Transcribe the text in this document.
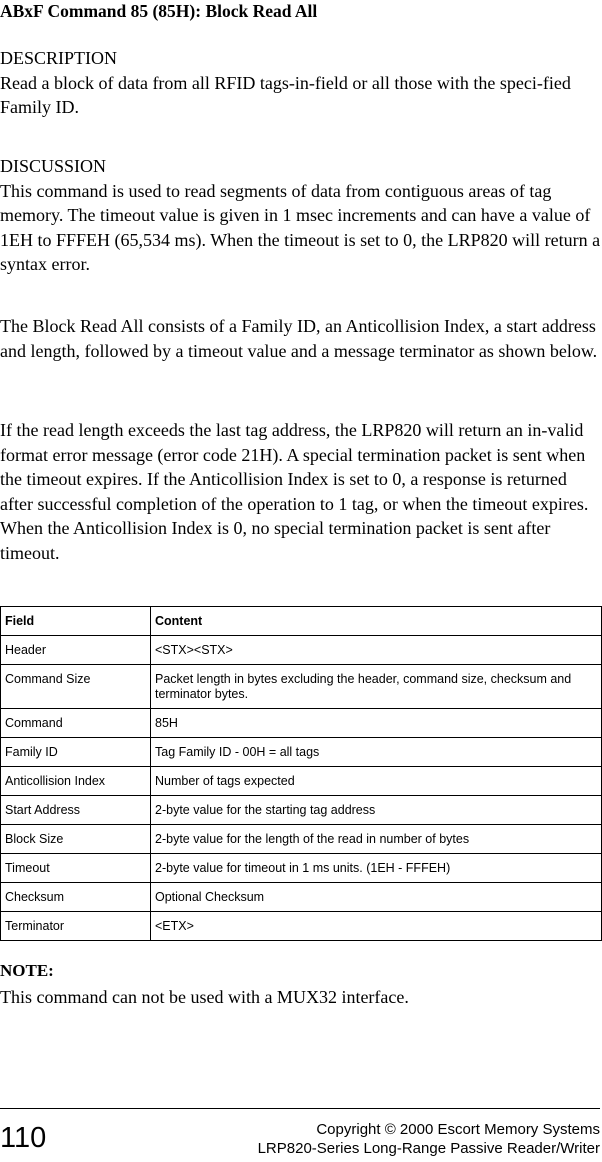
ABxF Command 85 (85H): Block Read All

DESCRIPTION
Read a block of data from all RFID tags-in-field or all those with the speci-fied Family ID.

DISCUSSION
This command is used to read segments of data from contiguous areas of tag memory. The timeout value is given in 1 msec increments and can have a value of 1EH to FFFEH (65,534 ms). When the timeout is set to 0, the LRP820 will return a syntax error.

The Block Read All consists of a Family ID, an Anticollision Index, a start address and length, followed by a timeout value and a message terminator as shown below.

If the read length exceeds the last tag address, the LRP820 will return an in-valid format error message (error code 21H). A special termination packet is sent when the timeout expires. If the Anticollision Index is set to 0, a response is returned after successful completion of the operation to 1 tag, or when the timeout expires. When the Anticollision Index is 0, no special termination packet is sent after timeout.

Field	Content
Header	<STX><STX>
Command Size	Packet length in bytes excluding the header, command size, checksum and terminator bytes.
Command	85H
Family ID	Tag Family ID - 00H = all tags
Anticollision Index	Number of tags expected
Start Address	2-byte value for the starting tag address
Block Size	2-byte value for the length of the read in number of bytes
Timeout	2-byte value for timeout in 1 ms units. (1EH - FFFEH)
Checksum	Optional Checksum
Terminator	<ETX>
NOTE:
This command can not be used with a MUX32 interface.
110	Copyright © 2000 Escort Memory Systems
LRP820-Series Long-Range Passive Reader/Writer
